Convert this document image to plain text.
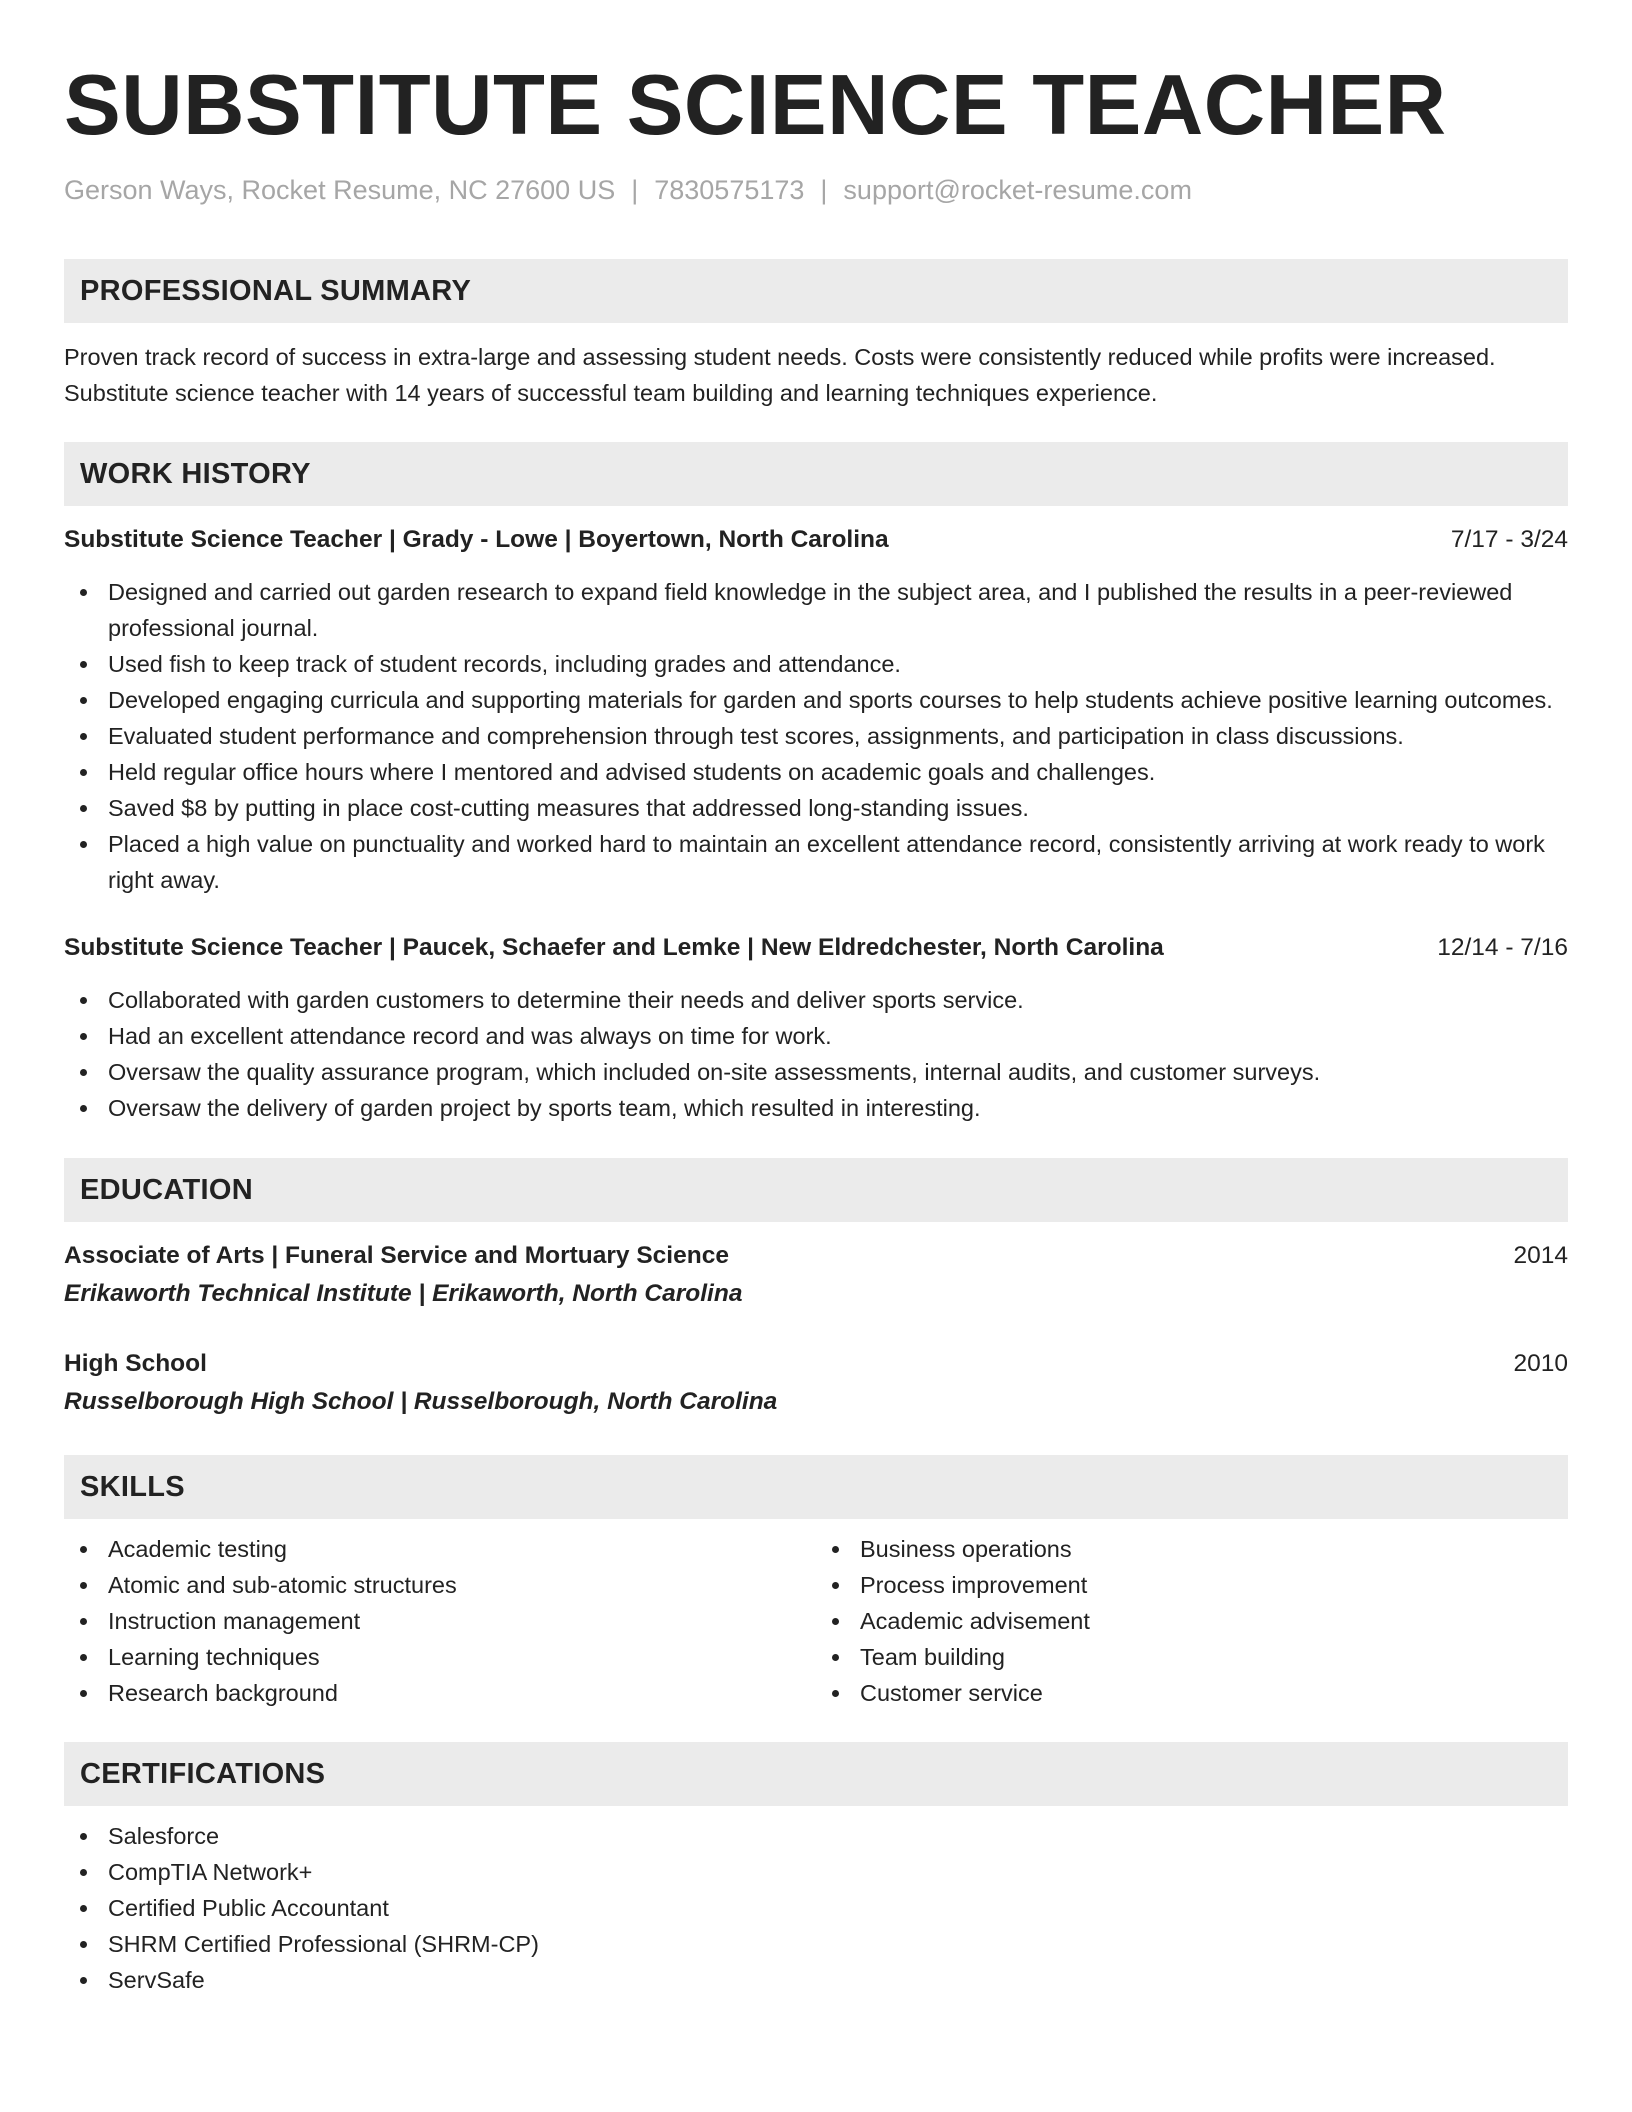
SUBSTITUTE SCIENCE TEACHER
Gerson Ways, Rocket Resume, NC 27600 US | 7830575173 | support@rocket-resume.com
PROFESSIONAL SUMMARY
Proven track record of success in extra-large and assessing student needs. Costs were consistently reduced while profits were increased. Substitute science teacher with 14 years of successful team building and learning techniques experience.
WORK HISTORY
Substitute Science Teacher | Grady - Lowe | Boyertown, North Carolina	7/17 - 3/24
Designed and carried out garden research to expand field knowledge in the subject area, and I published the results in a peer-reviewed professional journal.
Used fish to keep track of student records, including grades and attendance.
Developed engaging curricula and supporting materials for garden and sports courses to help students achieve positive learning outcomes.
Evaluated student performance and comprehension through test scores, assignments, and participation in class discussions.
Held regular office hours where I mentored and advised students on academic goals and challenges.
Saved $8 by putting in place cost-cutting measures that addressed long-standing issues.
Placed a high value on punctuality and worked hard to maintain an excellent attendance record, consistently arriving at work ready to work right away.
Substitute Science Teacher | Paucek, Schaefer and Lemke | New Eldredchester, North Carolina	12/14 - 7/16
Collaborated with garden customers to determine their needs and deliver sports service.
Had an excellent attendance record and was always on time for work.
Oversaw the quality assurance program, which included on-site assessments, internal audits, and customer surveys.
Oversaw the delivery of garden project by sports team, which resulted in interesting.
EDUCATION
Associate of Arts | Funeral Service and Mortuary Science	2014
Erikaworth Technical Institute | Erikaworth, North Carolina
High School	2010
Russelborough High School | Russelborough, North Carolina
SKILLS
Academic testing
Atomic and sub-atomic structures
Instruction management
Learning techniques
Research background
Business operations
Process improvement
Academic advisement
Team building
Customer service
CERTIFICATIONS
Salesforce
CompTIA Network+
Certified Public Accountant
SHRM Certified Professional (SHRM-CP)
ServSafe
